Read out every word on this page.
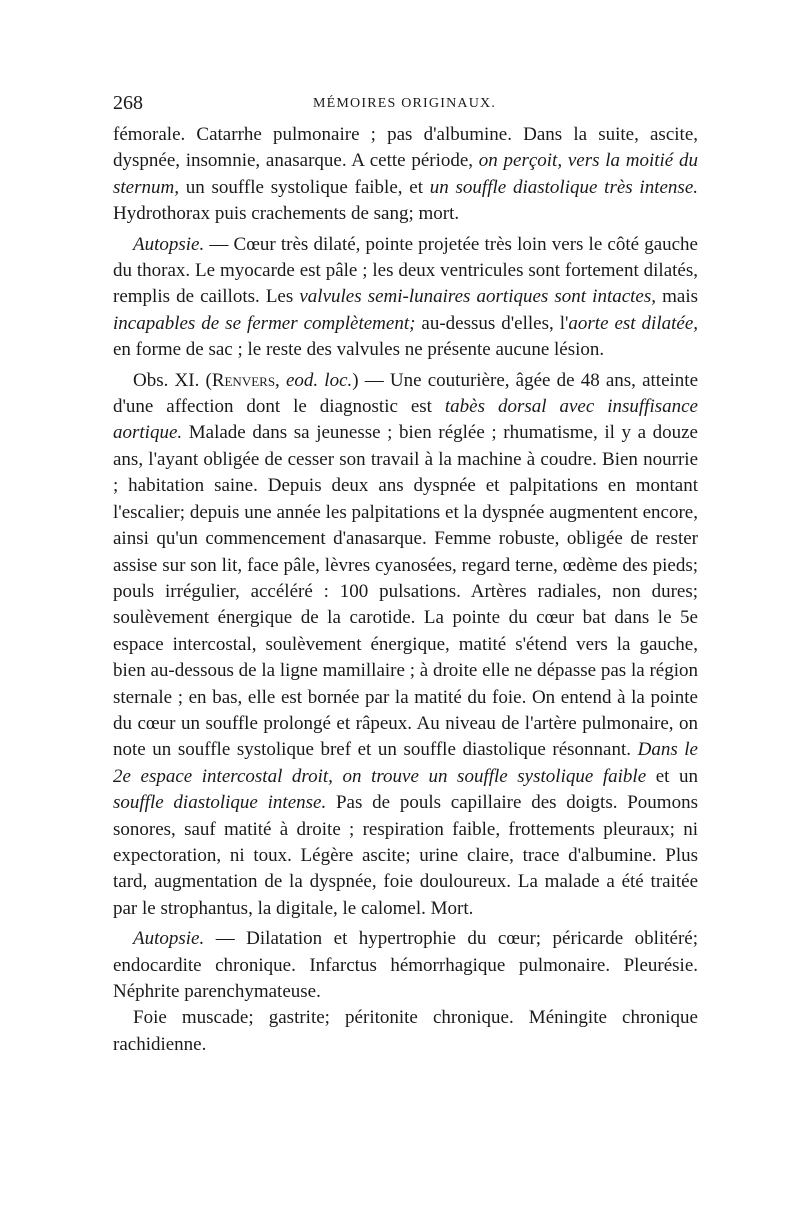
268	MÉMOIRES ORIGINAUX.

fémorale. Catarrhe pulmonaire ; pas d'albumine. Dans la suite, ascite, dyspnée, insomnie, anasarque. A cette période, on perçoit, vers la moitié du sternum, un souffle systolique faible, et un souffle diastolique très intense. Hydrothorax puis crachements de sang; mort.

Autopsie. — Cœur très dilaté, pointe projetée très loin vers le côté gauche du thorax. Le myocarde est pâle ; les deux ventricules sont fortement dilatés, remplis de caillots. Les valvules semi-lunaires aortiques sont intactes, mais incapables de se fermer complètement; au-dessus d'elles, l'aorte est dilatée, en forme de sac ; le reste des valvules ne présente aucune lésion.

Obs. XI. (Renvers, eod. loc.) — Une couturière, âgée de 48 ans, atteinte d'une affection dont le diagnostic est tabès dorsal avec insuffisance aortique. Malade dans sa jeunesse ; bien réglée ; rhumatisme, il y a douze ans, l'ayant obligée de cesser son travail à la machine à coudre. Bien nourrie ; habitation saine. Depuis deux ans dyspnée et palpitations en montant l'escalier; depuis une année les palpitations et la dyspnée augmentent encore, ainsi qu'un commencement d'anasarque. Femme robuste, obligée de rester assise sur son lit, face pâle, lèvres cyanosées, regard terne, œdème des pieds; pouls irrégulier, accéléré : 100 pulsations. Artères radiales, non dures; soulèvement énergique de la carotide. La pointe du cœur bat dans le 5e espace intercostal, soulèvement énergique, matité s'étend vers la gauche, bien au-dessous de la ligne mamillaire ; à droite elle ne dépasse pas la région sternale ; en bas, elle est bornée par la matité du foie. On entend à la pointe du cœur un souffle prolongé et râpeux. Au niveau de l'artère pulmonaire, on note un souffle systolique bref et un souffle diastolique résonnant. Dans le 2e espace intercostal droit, on trouve un souffle systolique faible et un souffle diastolique intense. Pas de pouls capillaire des doigts. Poumons sonores, sauf matité à droite ; respiration faible, frottements pleuraux; ni expectoration, ni toux. Légère ascite; urine claire, trace d'albumine. Plus tard, augmentation de la dyspnée, foie douloureux. La malade a été traitée par le strophantus, la digitale, le calomel. Mort.

Autopsie. — Dilatation et hypertrophie du cœur; péricarde oblitéré; endocardite chronique. Infarctus hémorrhagique pulmonaire. Pleurésie. Néphrite parenchymateuse.

Foie muscade; gastrite; péritonite chronique. Méningite chronique rachidienne.
